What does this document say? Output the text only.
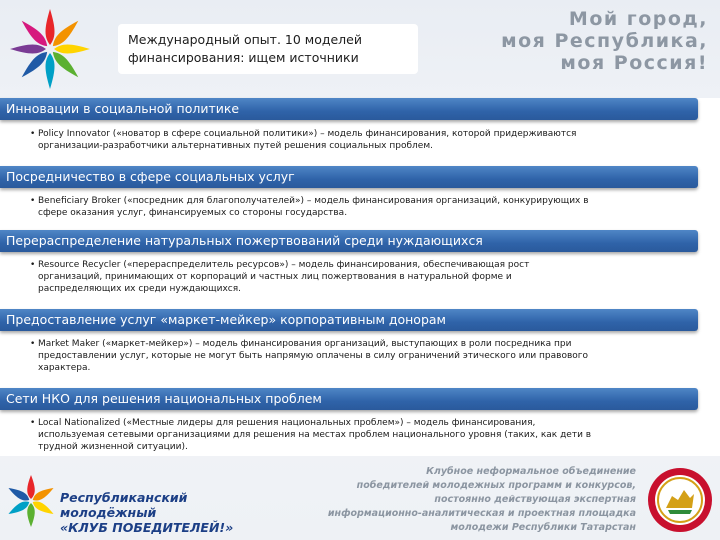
Международный опыт. 10 моделей
финансирования: ищем источники
Мой город,
моя Республика,
моя Россия!
Инновации в социальной политике
• Policy Innovator («новатор в сфере социальной политики») – модель финансирования, которой придерживаются
организации-разработчики альтернативных путей решения социальных проблем.
Посредничество в сфере социальных услуг
• Beneficiary Broker («посредник для благополучателей») – модель финансирования организаций, конкурирующих в
сфере оказания услуг, финансируемых со стороны государства.
Перераспределение натуральных пожертвований среди нуждающихся
• Resource Recycler («перераспределитель ресурсов») – модель финансирования, обеспечивающая рост
организаций, принимающих от корпораций и частных лиц пожертвования в натуральной форме и
распределяющих их среди нуждающихся.
Предоставление услуг «маркет-мейкер» корпоративным донорам
• Market Maker («маркет-мейкер») – модель финансирования организаций, выступающих в роли посредника при
предоставлении услуг, которые не могут быть напрямую оплачены в силу ограничений этического или правового
характера.
Сети НКО для решения национальных проблем
• Local Nationalized («Местные лидеры для решения национальных проблем») – модель финансирования,
используемая сетевыми организациями для решения на местах проблем национального уровня (таких, как дети в
трудной жизненной ситуации).
Республиканский молодёжный
«КЛУБ ПОБЕДИТЕЛЕЙ!»
Клубное неформальное объединение
победителей молодежных программ и конкурсов,
постоянно действующая экспертная
информационно-аналитическая и проектная площадка
молодежи Республики Татарстан
